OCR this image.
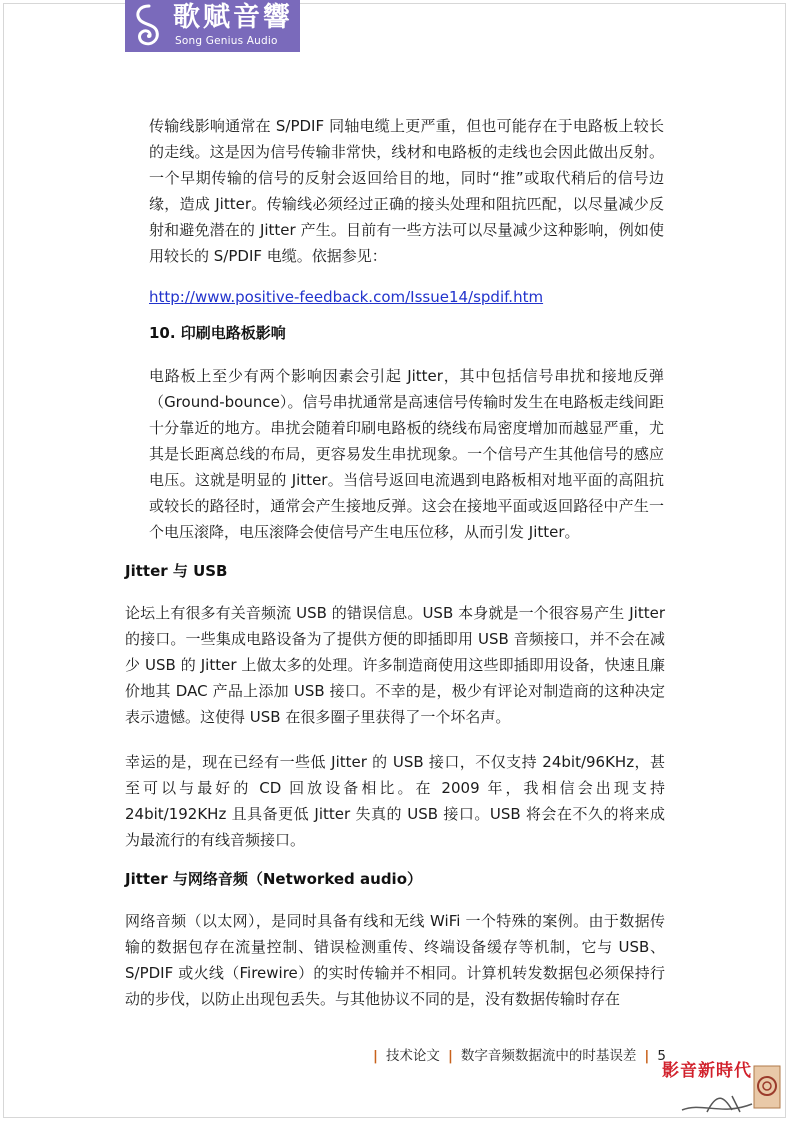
歌赋音響
Song Genius Audio

传输线影响通常在 S/PDIF 同轴电缆上更严重，但也可能存在于电路板上较长的走线。这是因为信号传输非常快，线材和电路板的走线也会因此做出反射。一个早期传输的信号的反射会返回给目的地，同时“推”或取代稍后的信号边缘，造成 Jitter。传输线必须经过正确的接头处理和阻抗匹配，以尽量减少反射和避免潜在的 Jitter 产生。目前有一些方法可以尽量减少这种影响，例如使用较长的 S/PDIF 电缆。依据参见：

http://www.positive-feedback.com/Issue14/spdif.htm
10. 印刷电路板影响

电路板上至少有两个影响因素会引起 Jitter，其中包括信号串扰和接地反弹（Ground-bounce）。信号串扰通常是高速信号传输时发生在电路板走线间距十分靠近的地方。串扰会随着印刷电路板的绕线布局密度增加而越显严重，尤其是长距离总线的布局，更容易发生串扰现象。一个信号产生其他信号的感应电压。这就是明显的 Jitter。当信号返回电流遇到电路板相对地平面的高阻抗或较长的路径时，通常会产生接地反弹。这会在接地平面或返回路径中产生一个电压滚降，电压滚降会使信号产生电压位移，从而引发 Jitter。

Jitter 与 USB

论坛上有很多有关音频流 USB 的错误信息。USB 本身就是一个很容易产生 Jitter 的接口。一些集成电路设备为了提供方便的即插即用 USB 音频接口，并不会在减少 USB 的 Jitter 上做太多的处理。许多制造商使用这些即插即用设备，快速且廉价地其 DAC 产品上添加 USB 接口。不幸的是，极少有评论对制造商的这种决定表示遗憾。这使得 USB 在很多圈子里获得了一个坏名声。

幸运的是，现在已经有一些低 Jitter 的 USB 接口，不仅支持 24bit/96KHz，甚至可以与最好的 CD 回放设备相比。在 2009 年，我相信会出现支持 24bit/192KHz 且具备更低 Jitter 失真的 USB 接口。USB 将会在不久的将来成为最流行的有线音频接口。

Jitter 与网络音频（Networked audio）

网络音频（以太网），是同时具备有线和无线 WiFi 一个特殊的案例。由于数据传输的数据包存在流量控制、错误检测重传、终端设备缓存等机制，它与 USB、S/PDIF 或火线（Firewire）的实时传输并不相同。计算机转发数据包必须保持行动的步伐，以防止出现包丢失。与其他协议不同的是，没有数据传输时存在

| 技术论文 | 数字音频数据流中的时基误差 | 5
影音新時代
